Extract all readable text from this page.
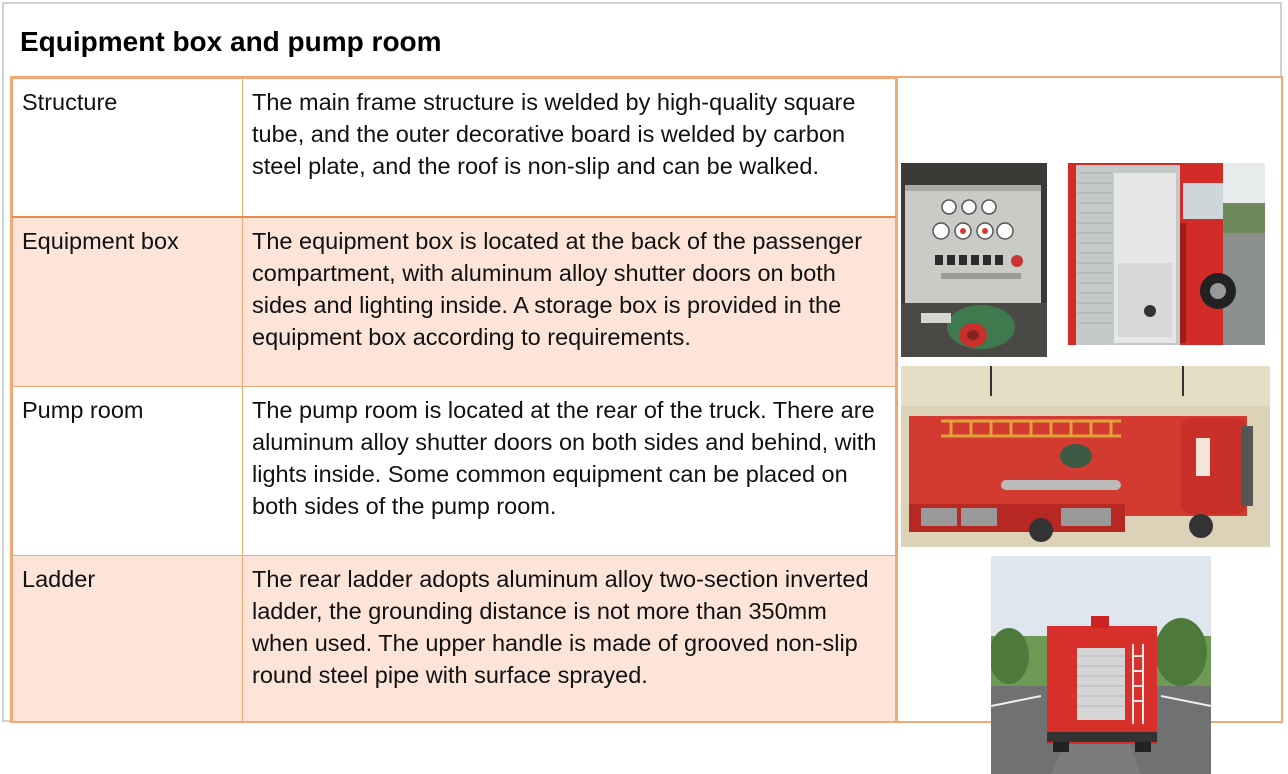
Equipment box and pump room
Structure	The main frame structure is welded by high-quality square tube, and the outer decorative board is welded by carbon steel plate, and the roof is non-slip and can be walked.
Equipment box	The equipment box is located at the back of the passenger compartment, with aluminum alloy shutter doors on both sides and lighting inside. A storage box is provided in the equipment box according to requirements.
Pump room	The pump room is located at the rear of the truck. There are aluminum alloy shutter doors on both sides and behind, with lights inside. Some common equipment can be placed on both sides of the pump room.
Ladder	The rear ladder adopts aluminum alloy two-section inverted ladder, the grounding distance is not more than 350mm when used. The upper handle is made of grooved non-slip round steel pipe with surface sprayed.
